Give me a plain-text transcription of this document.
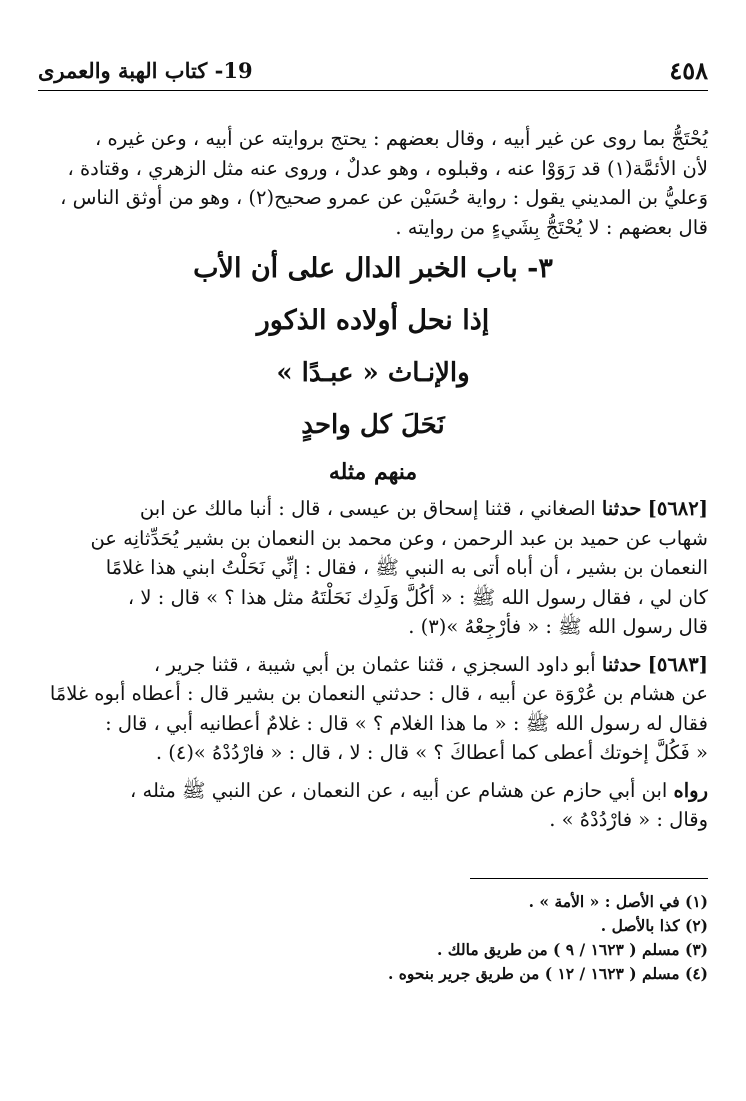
٤٥٨
19- كتاب الهبة والعمرى

يُحْتَجُّ بما روى عن غير أبيه ، وقال بعضهم : يحتج بروايته عن أبيه ، وعن غيره ،

لأن الأئمَّة(١) قد رَوَوْا عنه ، وقبلوه ، وهو عدلٌ ، وروى عنه مثل الزهري ، وقتادة ،

وَعليُّ بن المديني يقول : رواية حُسَيْن عن عمرو صحيح(٢) ، وهو من أوثق الناس ،

قال بعضهم : لا يُحْتَجُّ بِشَيءٍ من روايته .

٣- باب الخبر الدال على أن الأب
إذا نحل أولاده الذكور
والإنـاث « عبـدًا »
نَحَلَ كل واحدٍ
منهم مثله

[٥٦٨٢] حدثنا الصغاني ، قثنا إسحاق بن عيسى ، قال : أنبا مالك عن ابن

شهاب عن حميد بن عبد الرحمن ، وعن محمد بن النعمان بن بشير يُحَدِّثانِه عن

النعمان بن بشير ، أن أباه أتى به النبي ﷺ ، فقال : إنِّي نَحَلْتُ ابني هذا غلامًا

كان لي ، فقال رسول الله ﷺ : « أكُلَّ وَلَدِك نَحَلْتَهُ مثل هذا ؟ » قال : لا ،

قال رسول الله ﷺ : « فأرْجِعْهُ »(٣) .

[٥٦٨٣] حدثنا أبو داود السجزي ، قثنا عثمان بن أبي شيبة ، قثنا جرير ،

عن هشام بن عُرْوَة عن أبيه ، قال : حدثني النعمان بن بشير قال : أعطاه أبوه غلامًا

فقال له رسول الله ﷺ : « ما هذا الغلام ؟ » قال : غلامٌ أعطانيه أبي ، قال :

« فَكُلَّ إخوتك أعطى كما أعطاكَ ؟ » قال : لا ، قال : « فارْدُدْهُ »(٤) .

رواه ابن أبي حازم عن هشام عن أبيه ، عن النعمان ، عن النبي ﷺ مثله ،

وقال : « فارْدُدْهُ » .

(١) في الأصل : « الأمة » .

(٢) كذا بالأصل .

(٣) مسلم ( ١٦٢٣ / ٩ ) من طريق مالك .

(٤) مسلم ( ١٦٢٣ / ١٢ ) من طريق جرير بنحوه .
